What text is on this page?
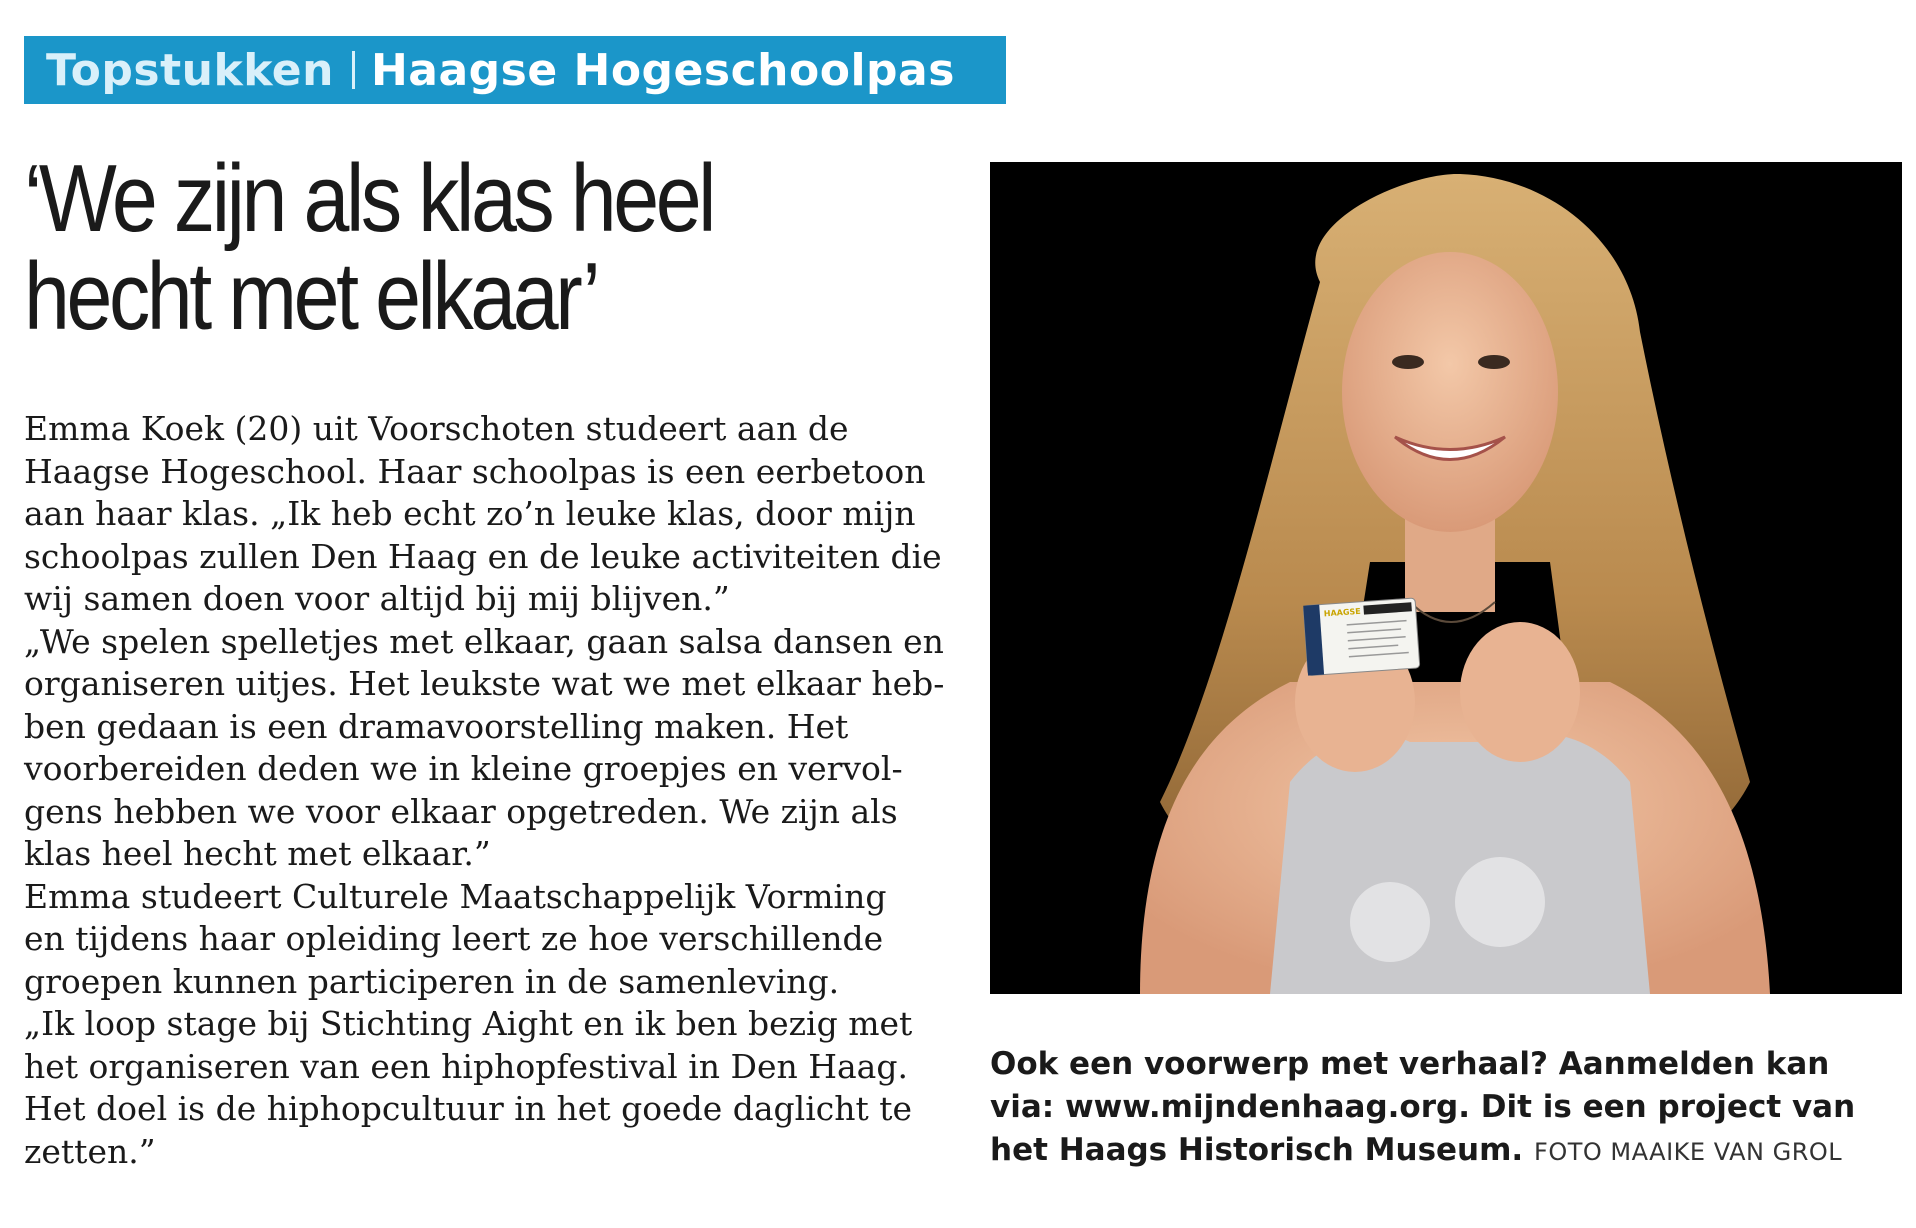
Topstukken Haagse Hogeschoolpas
‘We zijn als klas heel
hecht met elkaar’
Emma Koek (20) uit Voorschoten studeert aan de
Haagse Hogeschool. Haar schoolpas is een eerbetoon
aan haar klas. „Ik heb echt zo’n leuke klas, door mijn
schoolpas zullen Den Haag en de leuke activiteiten die
wij samen doen voor altijd bij mij blijven.”
„We spelen spelletjes met elkaar, gaan salsa dansen en
organiseren uitjes. Het leukste wat we met elkaar heb-
ben gedaan is een dramavoorstelling maken. Het
voorbereiden deden we in kleine groepjes en vervol-
gens hebben we voor elkaar opgetreden. We zijn als
klas heel hecht met elkaar.”
Emma studeert Culturele Maatschappelijk Vorming
en tijdens haar opleiding leert ze hoe verschillende
groepen kunnen participeren in de samenleving.
„Ik loop stage bij Stichting Aight en ik ben bezig met
het organiseren van een hiphopfestival in Den Haag.
Het doel is de hiphopcultuur in het goede daglicht te
zetten.”
HAAGSE
Ook een voorwerp met verhaal? Aanmelden kan
via: www.mijndenhaag.org. Dit is een project van
het Haags Historisch Museum. FOTO MAAIKE VAN GROL
